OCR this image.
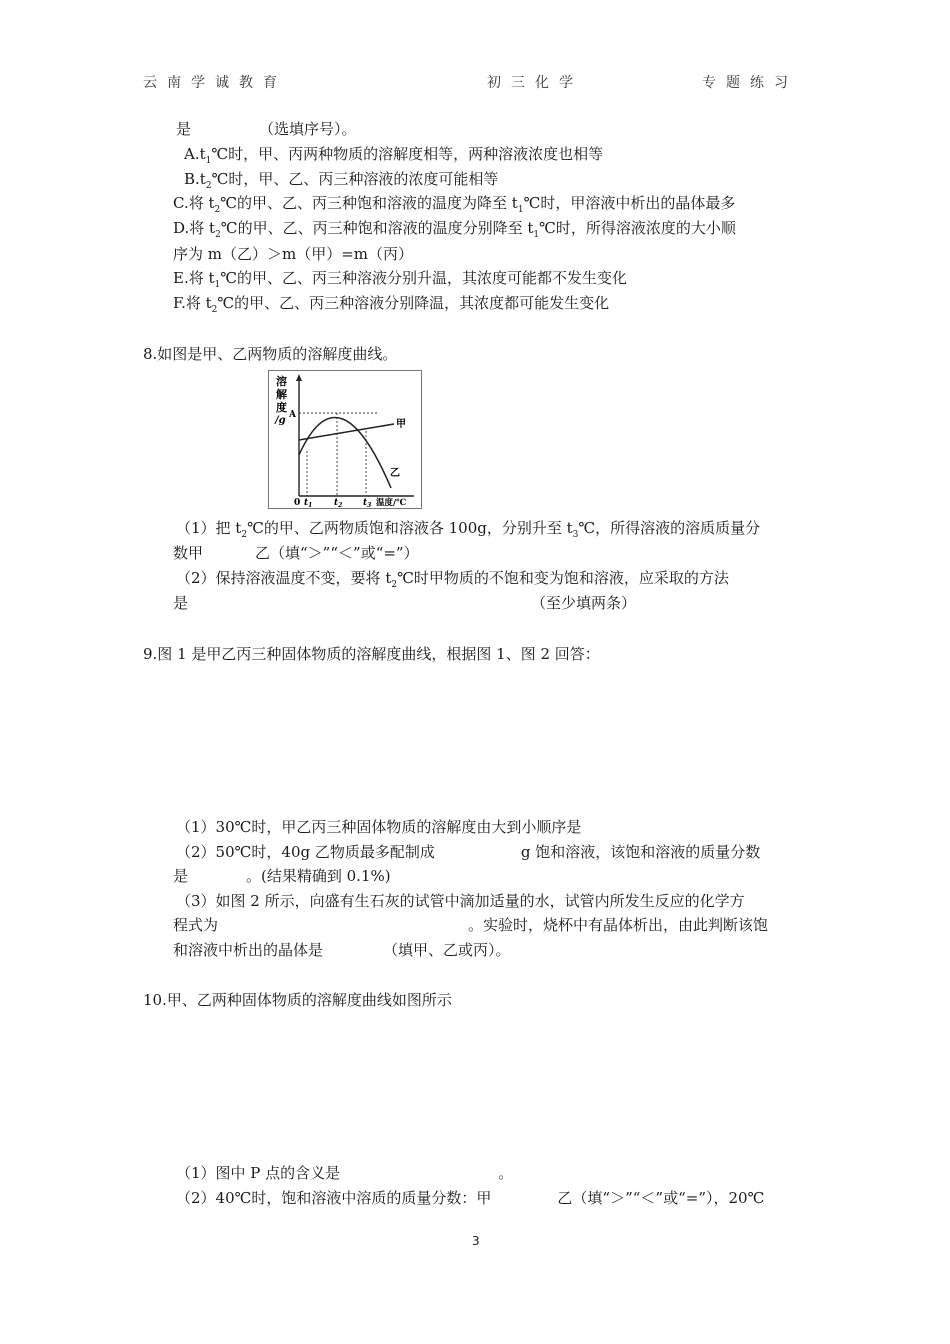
云南学诚教育	初三化学	专题练习
是	（选填序号）。
$A.t_1℃$时，甲、丙两种物质的溶解度相等，两种溶液浓度也相等
$B.t_2℃$时，甲、乙、丙三种溶液的浓度可能相等
C.将 $t_2℃$的甲、乙、丙三种饱和溶液的温度为降至 $t_1℃$时，甲溶液中析出的晶体最多
D.将 $t_2℃$的甲、乙、丙三种饱和溶液的温度分别降至 $t_1℃$时，所得溶液浓度的大小顺
序为 m（乙）＞m（甲）=m（丙）
E.将 $t_1℃$的甲、乙、丙三种溶液分别升温，其浓度可能都不发生变化
F.将 $t_2℃$的甲、乙、丙三种溶液分别降温，其浓度都可能发生变化
8.如图是甲、乙两物质的溶解度曲线。
溶
解
度
/g A
0 $t_1$ $t_2$ $t_3$ 温度/℃
甲
乙
（1）把 $t_2℃$的甲、乙两物质饱和溶液各 100g，分别升至 $t_3℃$，所得溶液的溶质质量分
数甲	乙（填“＞”“＜”或“=”）
（2）保持溶液温度不变，要将 $t_2℃$时甲物质的不饱和变为饱和溶液，应采取的方法
是	（至少填两条）
9.图 1 是甲乙丙三种固体物质的溶解度曲线，根据图 1、图 2 回答：
（1）30℃时，甲乙丙三种固体物质的溶解度由大到小顺序是
（2）50℃时，40g 乙物质最多配制成	g 饱和溶液，该饱和溶液的质量分数
是	。(结果精确到 0.1%)
（3）如图 2 所示，向盛有生石灰的试管中滴加适量的水，试管内所发生反应的化学方
程式为	。实验时，烧杯中有晶体析出，由此判断该饱
和溶液中析出的晶体是	（填甲、乙或丙）。
10.甲、乙两种固体物质的溶解度曲线如图所示
（1）图中 P 点的含义是	。
（2）40℃时，饱和溶液中溶质的质量分数：甲	乙（填“＞”“＜”或“=”），20℃
3
